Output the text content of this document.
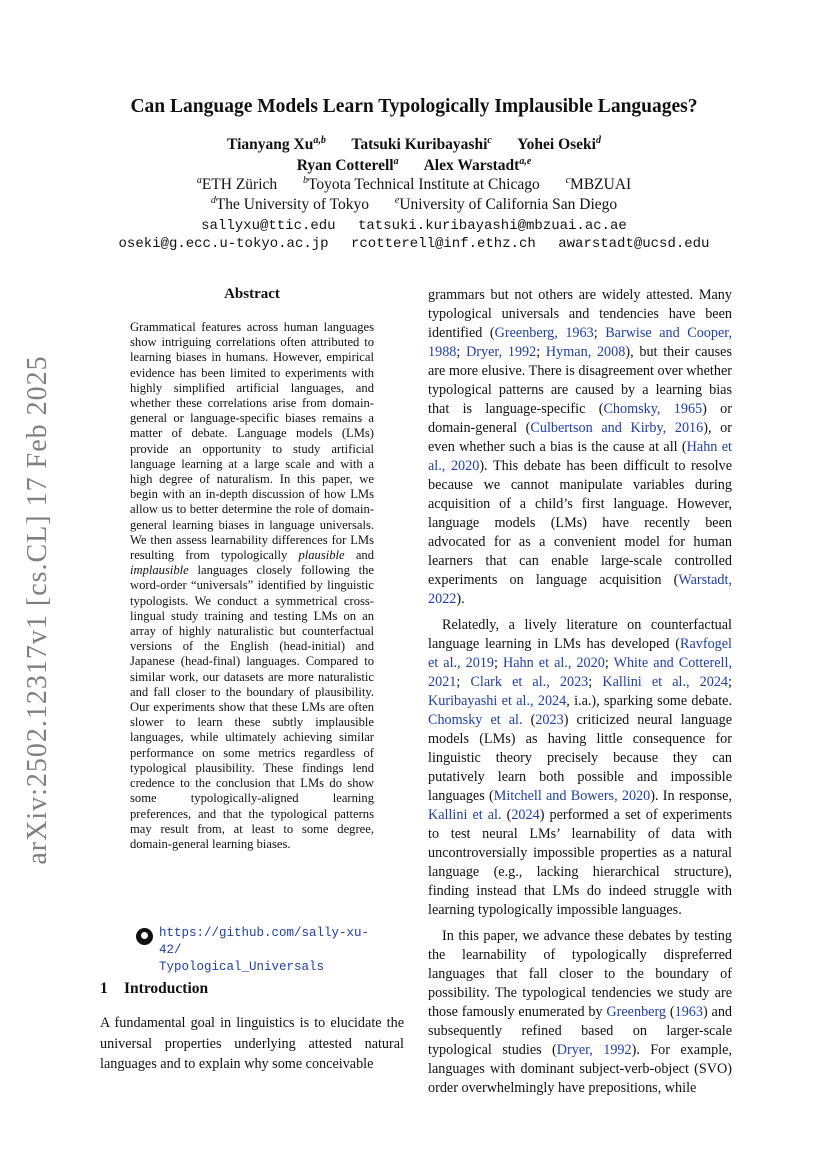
arXiv:2502.12317v1 [cs.CL] 17 Feb 2025
Can Language Models Learn Typologically Implausible Languages?
Tianyang Xu$^{a,b}$ Tatsuki Kuribayashi$^c$ Yohei Oseki$^d$
Ryan Cotterell$^a$ Alex Warstadt$^{a,e}$
$^a$ETH Zürich	$^b$Toyota Technical Institute at Chicago	$^c$MBZUAI
$^d$The University of Tokyo	$^e$University of California San Diego
sallyxu@ttic.edu tatsuki.kuribayashi@mbzuai.ac.ae
oseki@g.ecc.u-tokyo.ac.jp rcotterell@inf.ethz.ch awarstadt@ucsd.edu
Abstract
Grammatical features across human languages show intriguing correlations often attributed to learning biases in humans. However, empirical evidence has been limited to experiments with highly simplified artificial languages, and whether these correlations arise from domain-general or language-specific biases remains a matter of debate. Language models (LMs) provide an opportunity to study artificial language learning at a large scale and with a high degree of naturalism. In this paper, we begin with an in-depth discussion of how LMs allow us to better determine the role of domain-general learning biases in language universals. We then assess learnability differences for LMs resulting from typologically plausible and implausible languages closely following the word-order “universals” identified by linguistic typologists. We conduct a symmetrical cross-lingual study training and testing LMs on an array of highly naturalistic but counterfactual versions of the English (head-initial) and Japanese (head-final) languages. Compared to similar work, our datasets are more naturalistic and fall closer to the boundary of plausibility. Our experiments show that these LMs are often slower to learn these subtly implausible languages, while ultimately achieving similar performance on some metrics regardless of typological plausibility. These findings lend credence to the conclusion that LMs do show some typologically-aligned learning preferences, and that the typological patterns may result from, at least to some degree, domain-general learning biases.
https://github.com/sally-xu-42/
Typological_Universals
1 Introduction
A fundamental goal in linguistics is to elucidate the universal properties underlying attested natural languages and to explain why some conceivable

grammars but not others are widely attested. Many typological universals and tendencies have been identified (Greenberg, 1963; Barwise and Cooper, 1988; Dryer, 1992; Hyman, 2008), but their causes are more elusive. There is disagreement over whether typological patterns are caused by a learning bias that is language-specific (Chomsky, 1965) or domain-general (Culbertson and Kirby, 2016), or even whether such a bias is the cause at all (Hahn et al., 2020). This debate has been difficult to resolve because we cannot manipulate variables during acquisition of a child’s first language. However, language models (LMs) have recently been advocated for as a convenient model for human learners that can enable large-scale controlled experiments on language acquisition (Warstadt, 2022).

Relatedly, a lively literature on counterfactual language learning in LMs has developed (Ravfogel et al., 2019; Hahn et al., 2020; White and Cotterell, 2021; Clark et al., 2023; Kallini et al., 2024; Kuribayashi et al., 2024, i.a.), sparking some debate. Chomsky et al. (2023) criticized neural language models (LMs) as having little consequence for linguistic theory precisely because they can putatively learn both possible and impossible languages (Mitchell and Bowers, 2020). In response, Kallini et al. (2024) performed a set of experiments to test neural LMs’ learnability of data with uncontroversially impossible properties as a natural language (e.g., lacking hierarchical structure), finding instead that LMs do indeed struggle with learning typologically impossible languages.

In this paper, we advance these debates by testing the learnability of typologically dispreferred languages that fall closer to the boundary of possibility. The typological tendencies we study are those famously enumerated by Greenberg (1963) and subsequently refined based on larger-scale typological studies (Dryer, 1992). For example, languages with dominant subject-verb-object (SVO) order overwhelmingly have prepositions, while
